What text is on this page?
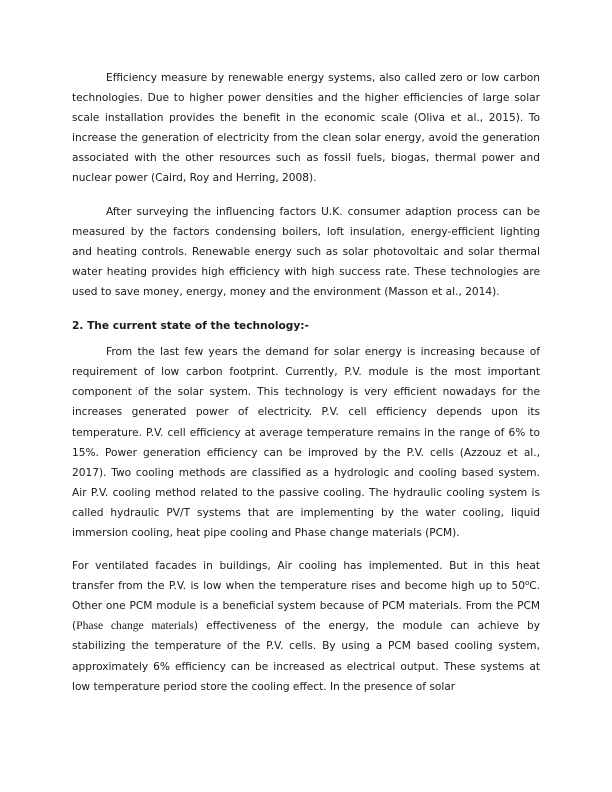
Efficiency measure by renewable energy systems, also called zero or low carbon technologies. Due to higher power densities and the higher efficiencies of large solar scale installation provides the benefit in the economic scale (Oliva et al., 2015). To increase the generation of electricity from the clean solar energy, avoid the generation associated with the other resources such as fossil fuels, biogas, thermal power and nuclear power (Caird, Roy and Herring, 2008).

After surveying the influencing factors U.K. consumer adaption process can be measured by the factors condensing boilers, loft insulation, energy-efficient lighting and heating controls. Renewable energy such as solar photovoltaic and solar thermal water heating provides high efficiency with high success rate. These technologies are used to save money, energy, money and the environment (Masson et al., 2014).

2. The current state of the technology:-

From the last few years the demand for solar energy is increasing because of requirement of low carbon footprint. Currently, P.V. module is the most important component of the solar system. This technology is very efficient nowadays for the increases generated power of electricity. P.V. cell efficiency depends upon its temperature. P.V. cell efficiency at average temperature remains in the range of 6% to 15%. Power generation efficiency can be improved by the P.V. cells (Azzouz et al., 2017). Two cooling methods are classified as a hydrologic and cooling based system. Air P.V. cooling method related to the passive cooling. The hydraulic cooling system is called hydraulic PV/T systems that are implementing by the water cooling, liquid immersion cooling, heat pipe cooling and Phase change materials (PCM).

For ventilated facades in buildings, Air cooling has implemented. But in this heat transfer from the P.V. is low when the temperature rises and become high up to 50$^o$C. Other one PCM module is a beneficial system because of PCM materials. From the PCM (Phase change materials) effectiveness of the energy, the module can achieve by stabilizing the temperature of the P.V. cells. By using a PCM based cooling system, approximately 6% efficiency can be increased as electrical output. These systems at low temperature period store the cooling effect. In the presence of solar
